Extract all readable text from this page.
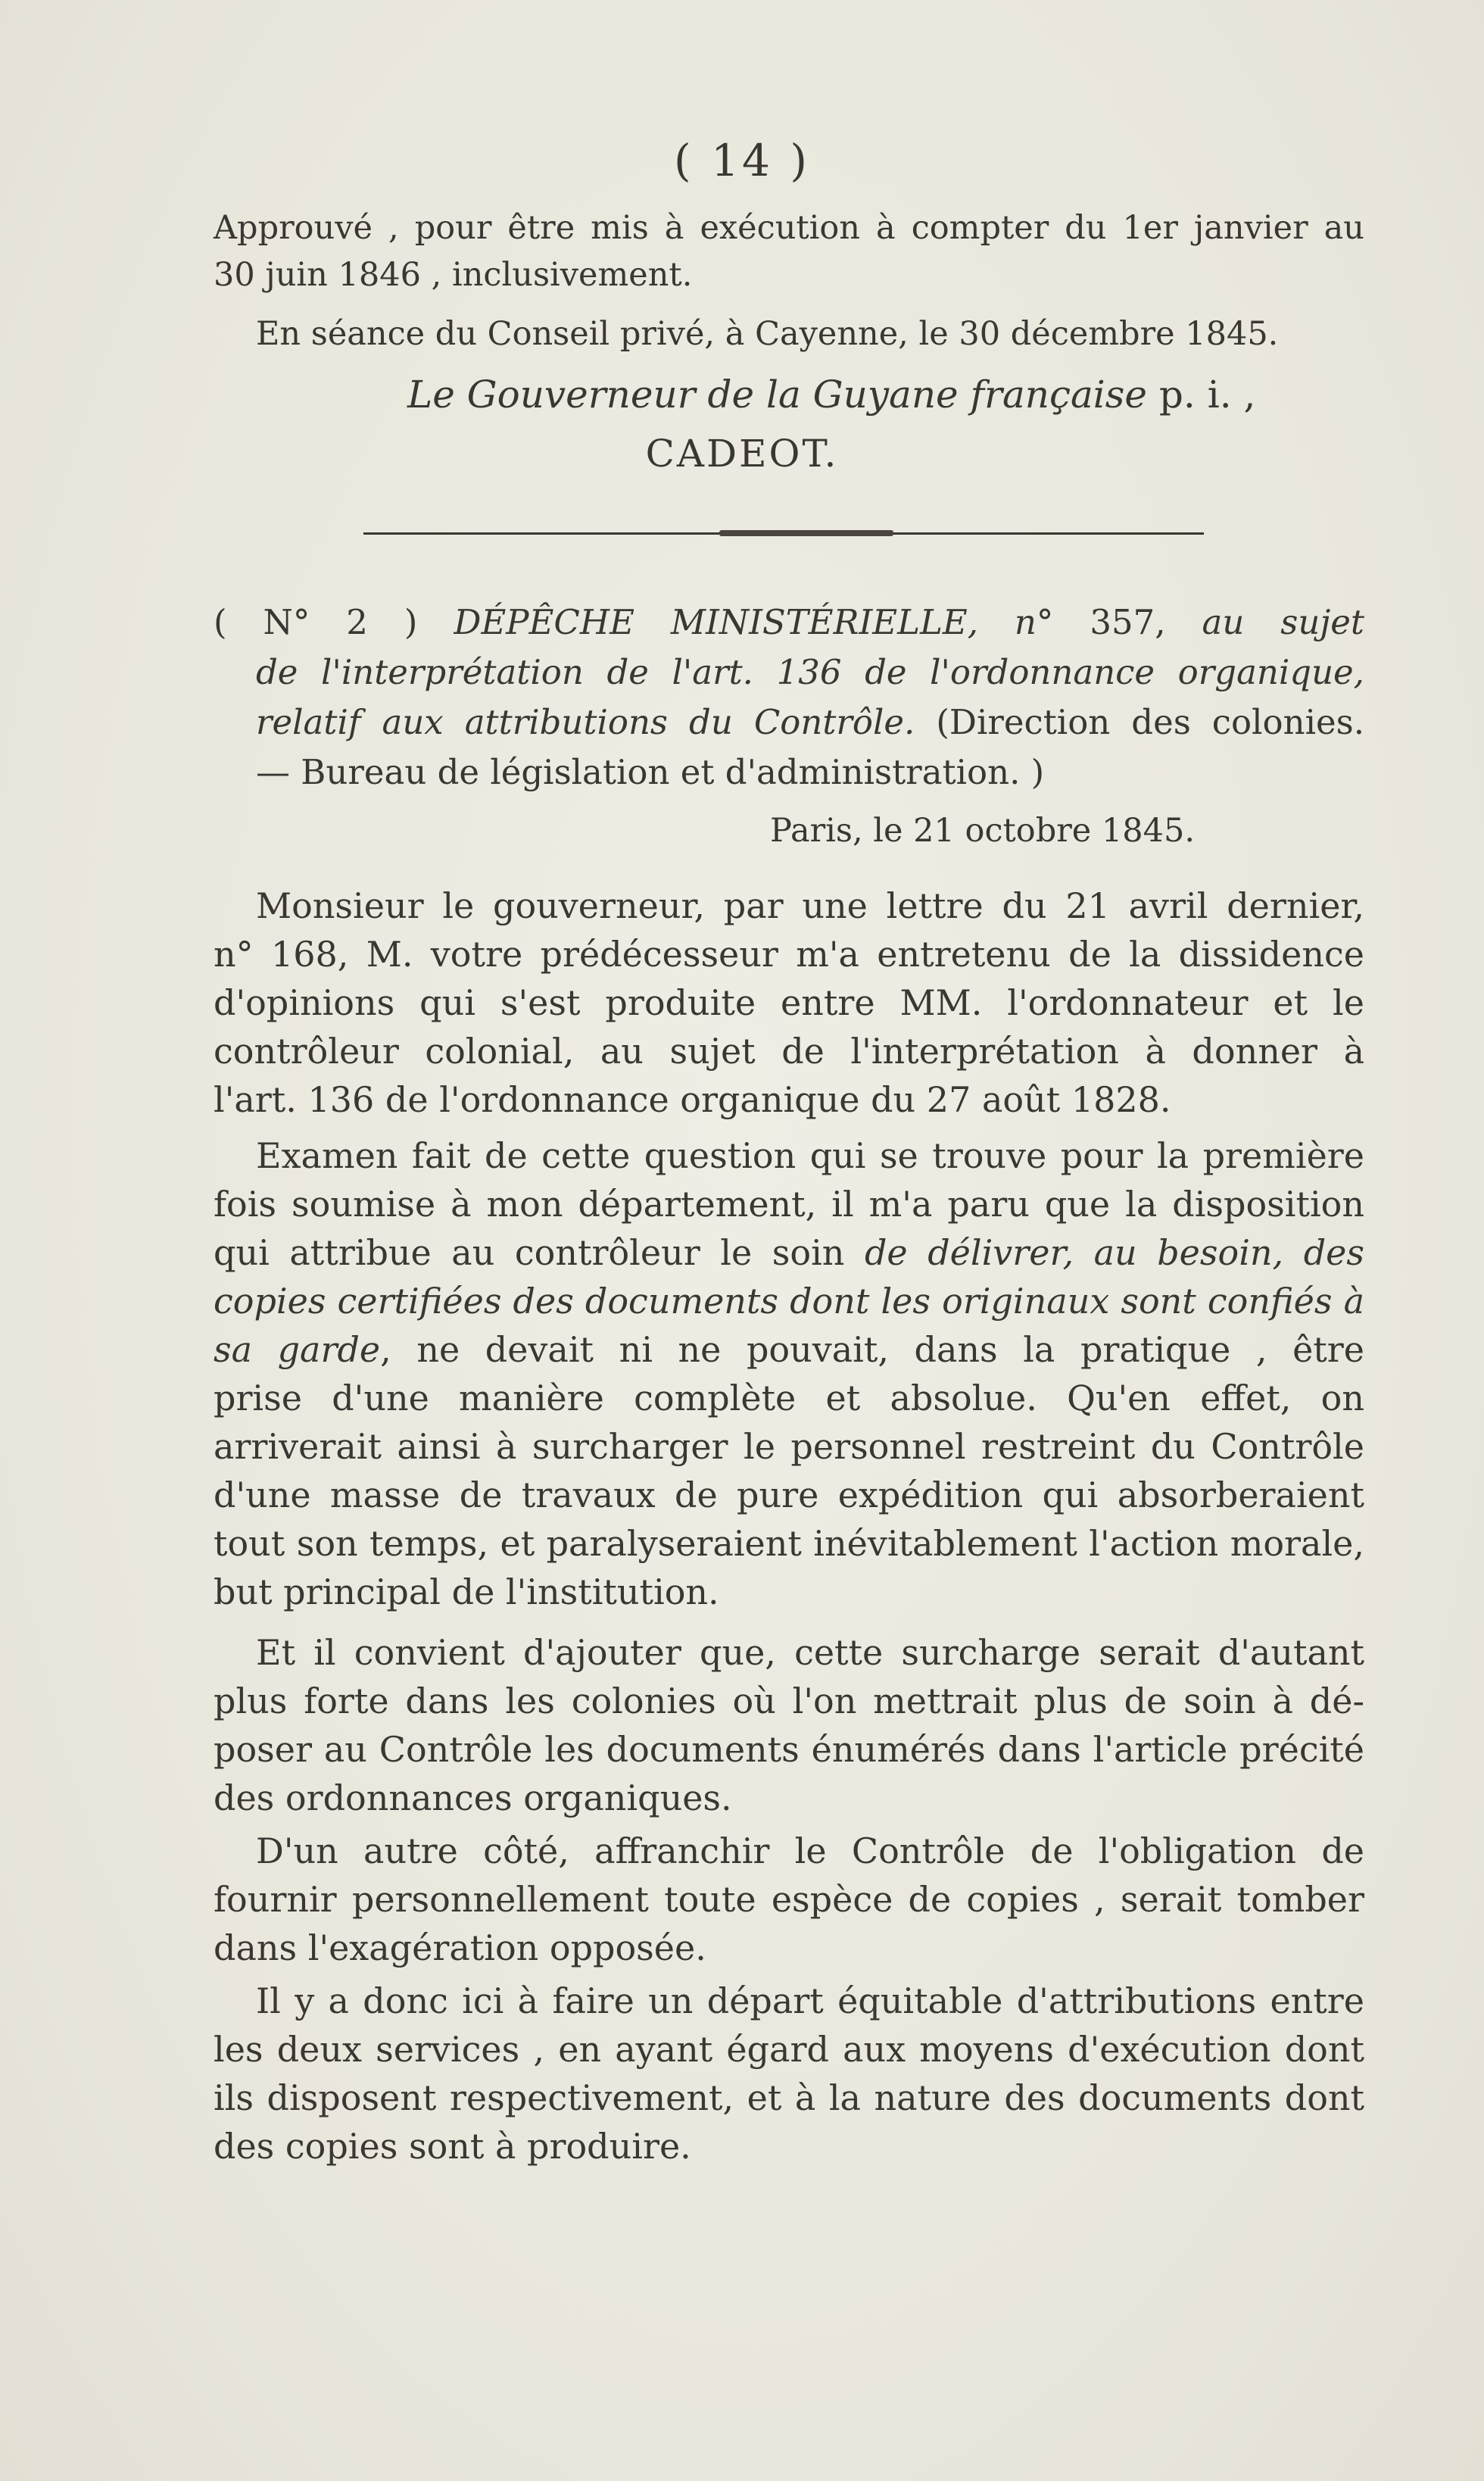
( 14 )
Approuvé , pour être mis à exécution à compter du 1er janvier au
30 juin 1846 , inclusivement.
En séance du Conseil privé, à Cayenne, le 30 décembre 1845.
Le Gouverneur de la Guyane française p. i. ,
CADEOT.
( N° 2 ) DÉPÊCHE MINISTÉRIELLE, n° 357, au sujet
de l'interprétation de l'art. 136 de l'ordonnance organique,
relatif aux attributions du Contrôle. (Direction des colonies.
— Bureau de législation et d'administration. )
Paris, le 21 octobre 1845.
Monsieur le gouverneur, par une lettre du 21 avril dernier,
n° 168, M. votre prédécesseur m'a entretenu de la dissidence
d'opinions qui s'est produite entre MM. l'ordonnateur et le
contrôleur colonial, au sujet de l'interprétation à donner à
l'art. 136 de l'ordonnance organique du 27 août 1828.
Examen fait de cette question qui se trouve pour la première
fois soumise à mon département, il m'a paru que la disposition
qui attribue au contrôleur le soin de délivrer, au besoin, des
copies certifiées des documents dont les originaux sont confiés à
sa garde, ne devait ni ne pouvait, dans la pratique , être
prise d'une manière complète et absolue. Qu'en effet, on
arriverait ainsi à surcharger le personnel restreint du Contrôle
d'une masse de travaux de pure expédition qui absorberaient
tout son temps, et paralyseraient inévitablement l'action morale,
but principal de l'institution.
Et il convient d'ajouter que, cette surcharge serait d'autant
plus forte dans les colonies où l'on mettrait plus de soin à dé-
poser au Contrôle les documents énumérés dans l'article précité
des ordonnances organiques.
D'un autre côté, affranchir le Contrôle de l'obligation de
fournir personnellement toute espèce de copies , serait tomber
dans l'exagération opposée.
Il y a donc ici à faire un départ équitable d'attributions entre
les deux services , en ayant égard aux moyens d'exécution dont
ils disposent respectivement, et à la nature des documents dont
des copies sont à produire.
